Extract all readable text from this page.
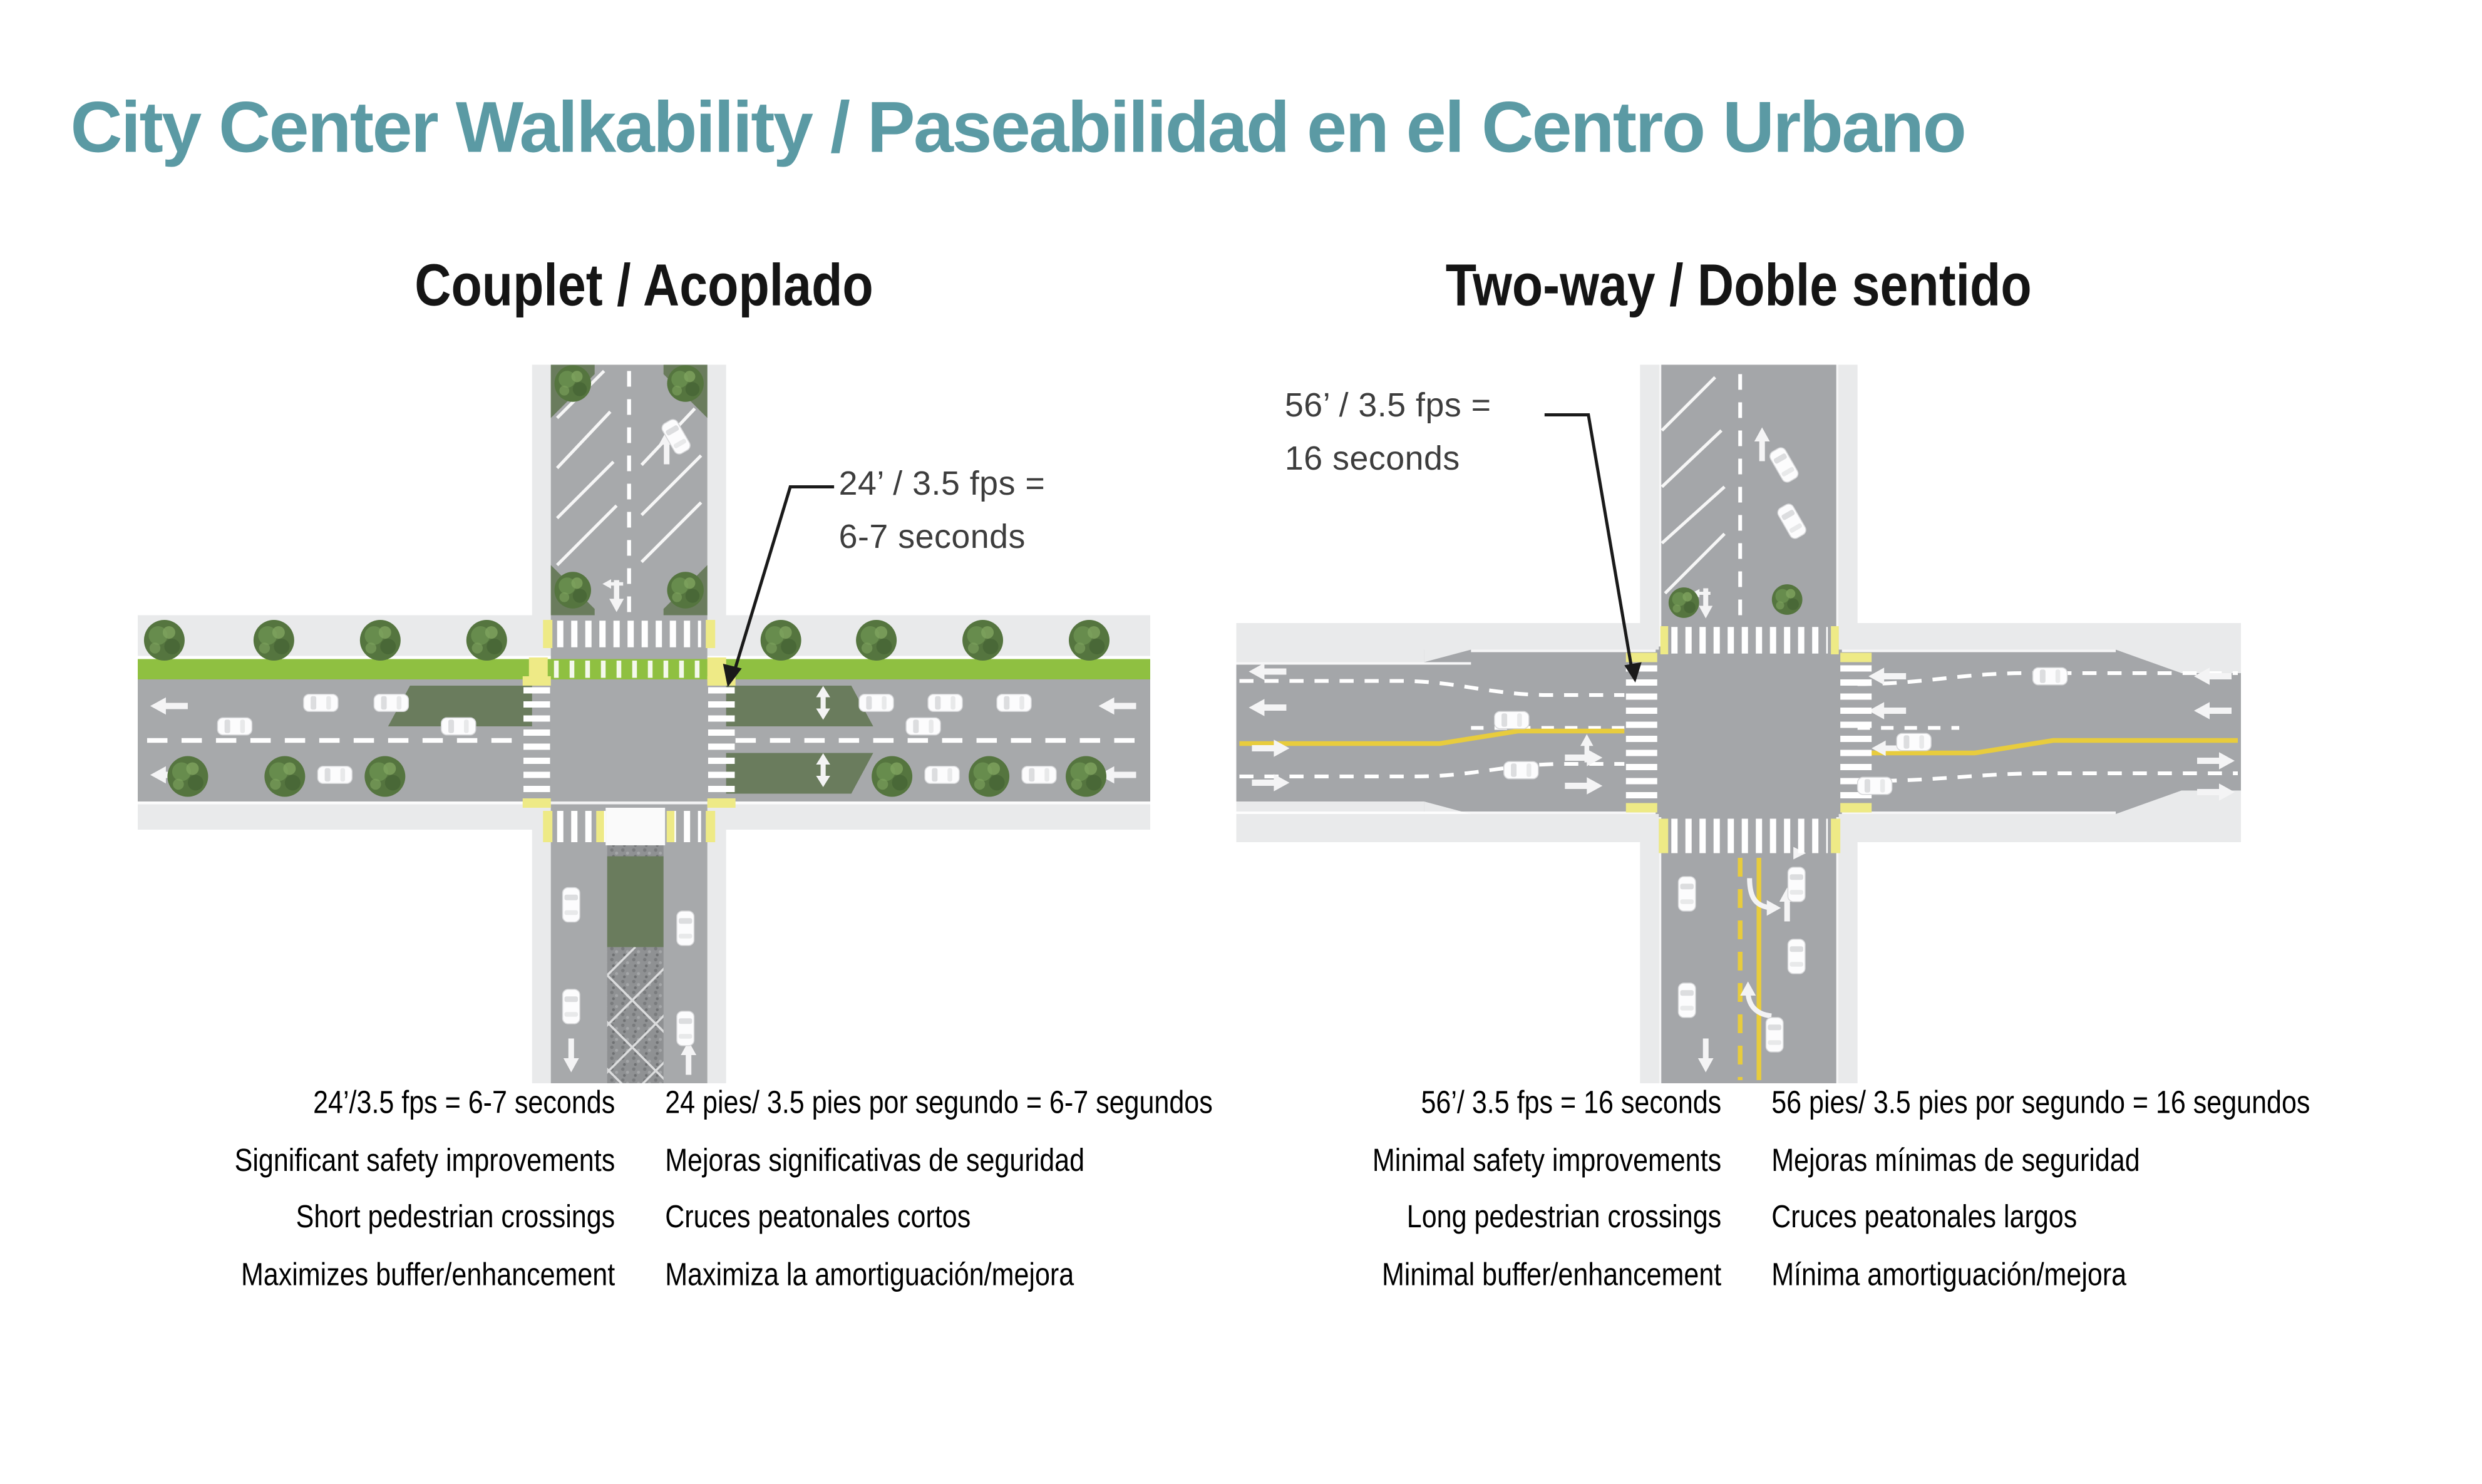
City Center Walkability / Paseabilidad en el Centro Urbano
Couplet / Acoplado	Two-way / Doble sentido
24’ / 3.5 fps =
6-7 seconds
56’ / 3.5 fps =
16 seconds
24’/3.5 fps = 6-7 seconds
Significant safety improvements
Short pedestrian crossings
Maximizes buffer/enhancement
24 pies/ 3.5 pies por segundo = 6-7 segundos
Mejoras significativas de seguridad
Cruces peatonales cortos
Maximiza la amortiguación/mejora
56’/ 3.5 fps = 16 seconds
Minimal safety improvements
Long pedestrian crossings
Minimal buffer/enhancement
56 pies/ 3.5 pies por segundo = 16 segundos
Mejoras mínimas de seguridad
Cruces peatonales largos
Mínima amortiguación/mejora
